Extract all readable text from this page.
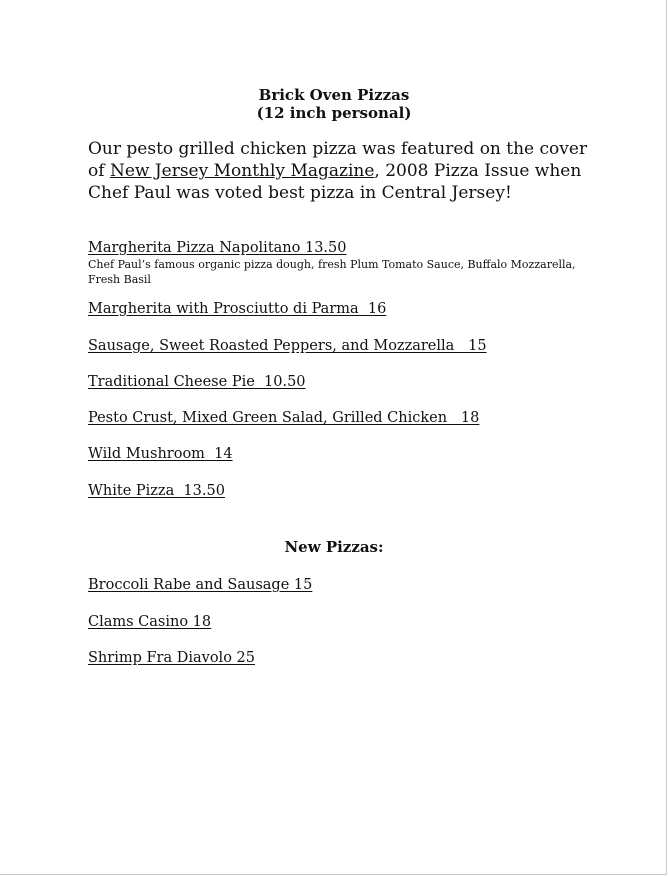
Brick Oven Pizzas
(12 inch personal)
Our pesto grilled chicken pizza was featured on the cover of New Jersey Monthly Magazine, 2008 Pizza Issue when Chef Paul was voted best pizza in Central Jersey!
Margherita Pizza Napolitano 13.50
Chef Paul’s famous organic pizza dough, fresh Plum Tomato Sauce, Buffalo Mozzarella, Fresh Basil
Margherita with Prosciutto di Parma  16
Sausage, Sweet Roasted Peppers, and Mozzarella   15
Traditional Cheese Pie  10.50
Pesto Crust, Mixed Green Salad, Grilled Chicken   18
Wild Mushroom  14
White Pizza  13.50
New Pizzas:
Broccoli Rabe and Sausage 15
Clams Casino 18
Shrimp Fra Diavolo 25
